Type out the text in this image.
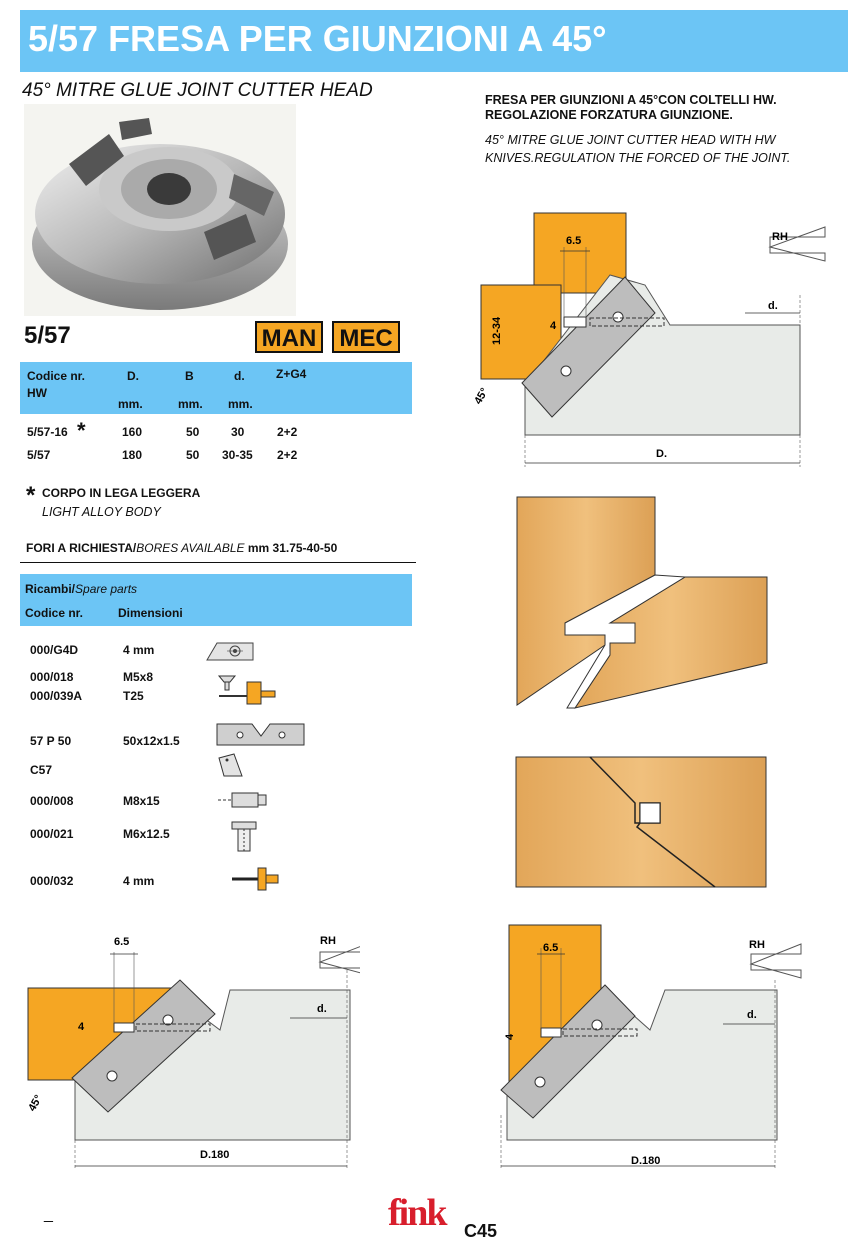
5/57 FRESA PER GIUNZIONI A 45°
45° MITRE GLUE JOINT CUTTER HEAD	FRESA PER GIUNZIONI A 45°CON COLTELLI HW.
REGOLAZIONE FORZATURA GIUNZIONE.
45° MITRE GLUE JOINT CUTTER HEAD WITH HW
KNIVES.REGULATION THE FORCED OF THE JOINT.
5/57	MAN MEC
Codice nr.
HW
D.	B	d.	Z+G4
mm.	mm. mm.
5/57-16 *	160	50	30	2+2
5/57	180	50 30-35 2+2
* CORPO IN LEGA LEGGERA
LIGHT ALLOY BODY
FORI A RICHIESTA/BORES AVAILABLE mm 31.75-40-50
Ricambi/Spare parts
Codice nr.	Dimensioni
000/G4D	4 mm
000/018	M5x8
000/039A	T25
57 P 50	50x12x1.5
C57
000/008	M8x15
000/021	M6x12.5
000/032	4 mm
6.5
4
12-34
45°
RH
d.
D.
6.5
4
45°
RH
d.
D.180
6.5
4
RH
d.
D.180
_	fink C45
